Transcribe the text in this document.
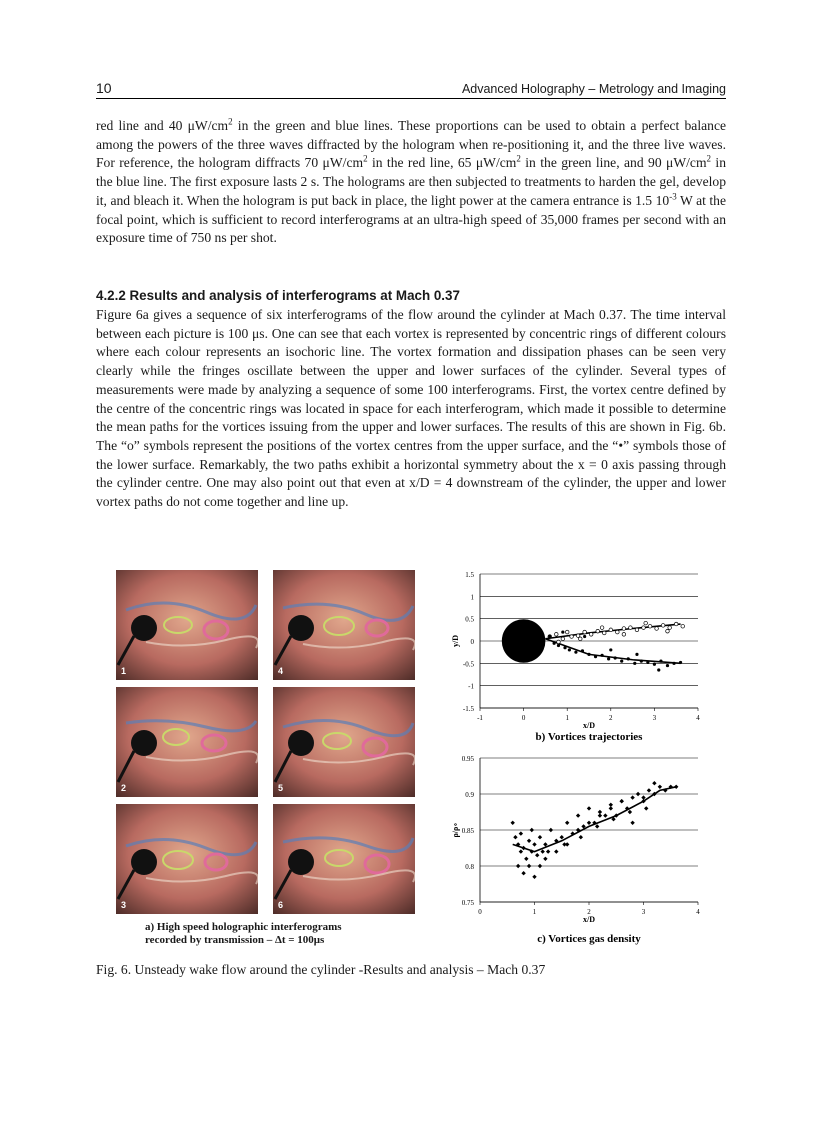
10	Advanced Holography – Metrology and Imaging

red line and 40 $\mu W/cm^2$ in the green and blue lines. These proportions can be used to obtain a perfect balance among the powers of the three waves diffracted by the hologram when re-positioning it, and the three live waves. For reference, the hologram diffracts 70 $\mu W/cm^2$ in the red line, 65 $\mu W/cm^2$ in the green line, and 90 $\mu W/cm^2$ in the blue line. The first exposure lasts 2 s. The holograms are then subjected to treatments to harden the gel, develop it, and bleach it. When the hologram is put back in place, the light power at the camera entrance is 1.5 $10^{-3}$ W at the focal point, which is sufficient to record interferograms at an ultra-high speed of 35,000 frames per second with an exposure time of 750 ns per shot.

4.2.2 Results and analysis of interferograms at Mach 0.37

Figure 6a gives a sequence of six interferograms of the flow around the cylinder at Mach 0.37. The time interval between each picture is 100 μs. One can see that each vortex is represented by concentric rings of different colours where each colour represents an isochoric line. The vortex formation and dissipation phases can be seen very clearly while the fringes oscillate between the upper and lower surfaces of the cylinder. Several types of measurements were made by analyzing a sequence of some 100 interferograms. First, the vortex centre defined by the centre of the concentric rings was located in space for each interferogram, which made it possible to determine the mean paths for the vortices issuing from the upper and lower surfaces. The results of this are shown in Fig. 6b. The “o” symbols represent the positions of the vortex centres from the upper surface, and the “•” symbols those of the lower surface. Remarkably, the two paths exhibit a horizontal symmetry about the x = 0 axis passing through the cylinder centre. One may also point out that even at x/D = 4 downstream of the cylinder, the upper and lower vortex paths do not come together and line up.

1	4
2	5
3	6
a) High speed holographic interferograms
recorded by transmission – Δt = 100μs
1.5
1
0.5
0
-0.5
-1
-1.5
-1	0	1	2	3	4
x/D
y/D
b) Vortices trajectories
0.95
0.9
0.85
0.8
0.75
0	1	2	3	4
x/D
ρ/ρ∘
c) Vortices gas density

Fig. 6. Unsteady wake flow around the cylinder -Results and analysis – Mach 0.37
